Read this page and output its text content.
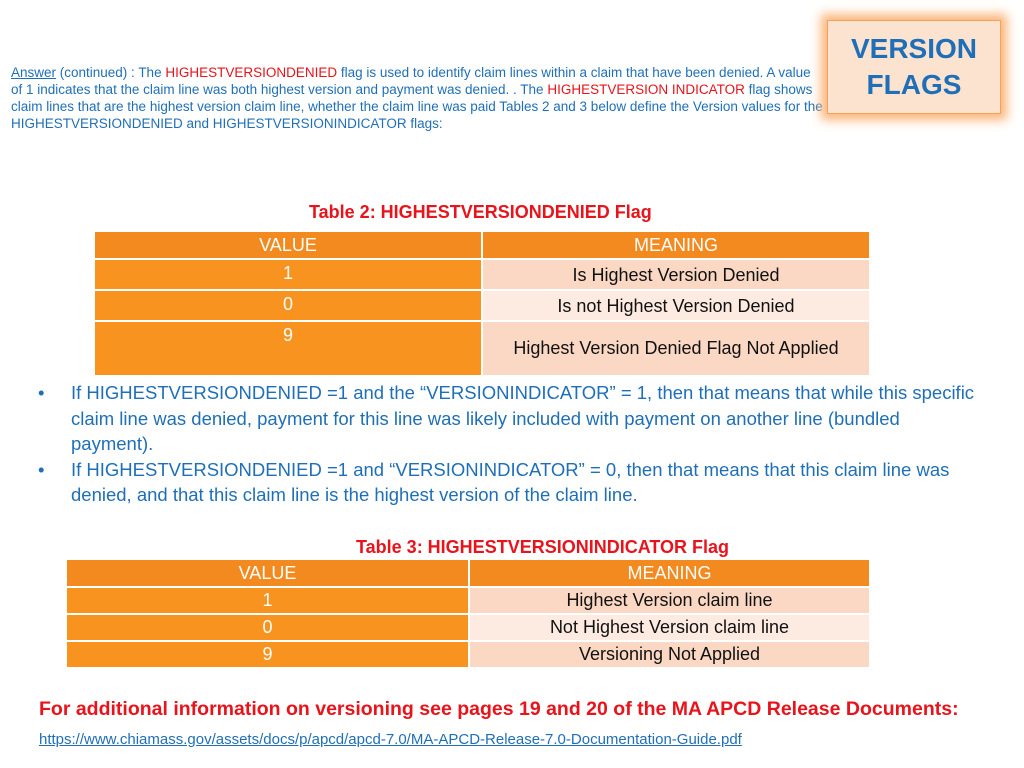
Answer (continued) : The HIGHESTVERSIONDENIED flag is used to identify claim lines within a claim that have been denied. A value of 1 indicates that the claim line was both highest version and payment was denied. . The HIGHESTVERSION INDICATOR flag shows claim lines that are the highest version claim line, whether the claim line was paid Tables 2 and 3 below define the Version values for the HIGHESTVERSIONDENIED and HIGHESTVERSIONINDICATOR flags:
VERSION
FLAGS
Table 2: HIGHESTVERSIONDENIED Flag
VALUE	MEANING
1	Is Highest Version Denied
0	Is not Highest Version Denied
9	Highest Version Denied Flag Not Applied
• If HIGHESTVERSIONDENIED =1 and the “VERSIONINDICATOR” = 1, then that means that while this specific claim line was denied, payment for this line was likely included with payment on another line (bundled payment).
• If HIGHESTVERSIONDENIED =1 and “VERSIONINDICATOR” = 0, then that means that this claim line was denied, and that this claim line is the highest version of the claim line.
Table 3: HIGHESTVERSIONINDICATOR Flag
VALUE	MEANING
1	Highest Version claim line
0	Not Highest Version claim line
9	Versioning Not Applied
For additional information on versioning see pages 19 and 20 of the MA APCD Release Documents: https://www.chiamass.gov/assets/docs/p/apcd/apcd-7.0/MA-APCD-Release-7.0-Documentation-Guide.pdf
